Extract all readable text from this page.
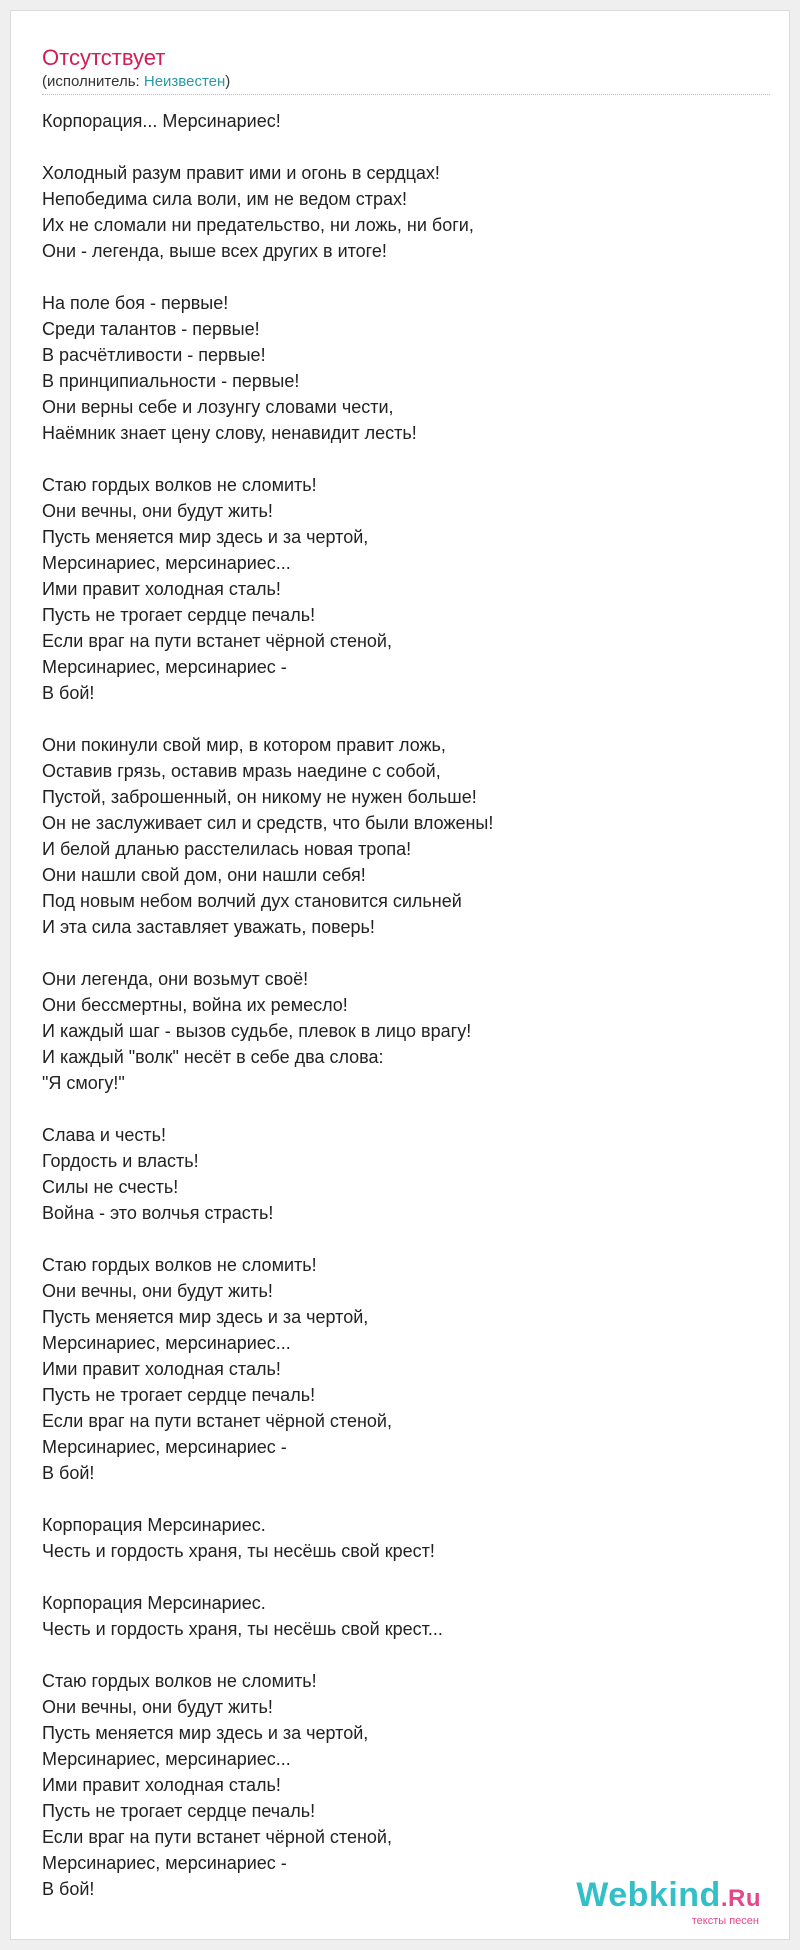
Отсутствует
(исполнитель: Неизвестен)
Корпорация... Мерсинариес!
Холодный разум правит ими и огонь в сердцах!
Непобедима сила воли, им не ведом страх!
Их не сломали ни предательство, ни ложь, ни боги,
Они - легенда, выше всех других в итоге!
На поле боя - первые!
Среди талантов - первые!
В расчётливости - первые!
В принципиальности - первые!
Они верны себе и лозунгу словами чести,
Наёмник знает цену слову, ненавидит лесть!
Стаю гордых волков не сломить!
Они вечны, они будут жить!
Пусть меняется мир здесь и за чертой,
Мерсинариес, мерсинариес...
Ими правит холодная сталь!
Пусть не трогает сердце печаль!
Если враг на пути встанет чёрной стеной,
Мерсинариес, мерсинариес -
В бой!
Они покинули свой мир, в котором правит ложь,
Оставив грязь, оставив мразь наедине с собой,
Пустой, заброшенный, он никому не нужен больше!
Он не заслуживает сил и средств, что были вложены!
И белой дланью расстелилась новая тропа!
Они нашли свой дом, они нашли себя!
Под новым небом волчий дух становится сильней
И эта сила заставляет уважать, поверь!
Они легенда, они возьмут своё!
Они бессмертны, война их ремесло!
И каждый шаг - вызов судьбе, плевок в лицо врагу!
И каждый "волк" несёт в себе два слова:
"Я смогу!"
Слава и честь!
Гордость и власть!
Силы не счесть!
Война - это волчья страсть!
Стаю гордых волков не сломить!
Они вечны, они будут жить!
Пусть меняется мир здесь и за чертой,
Мерсинариес, мерсинариес...
Ими правит холодная сталь!
Пусть не трогает сердце печаль!
Если враг на пути встанет чёрной стеной,
Мерсинариес, мерсинариес -
В бой!
Корпорация Мерсинариес.
Честь и гордость храня, ты несёшь свой крест!
Корпорация Мерсинариес.
Честь и гордость храня, ты несёшь свой крест...
Стаю гордых волков не сломить!
Они вечны, они будут жить!
Пусть меняется мир здесь и за чертой,
Мерсинариес, мерсинариес...
Ими правит холодная сталь!
Пусть не трогает сердце печаль!
Если враг на пути встанет чёрной стеной,
Мерсинариес, мерсинариес -
В бой!	Webkind.Ru
тексты песен
